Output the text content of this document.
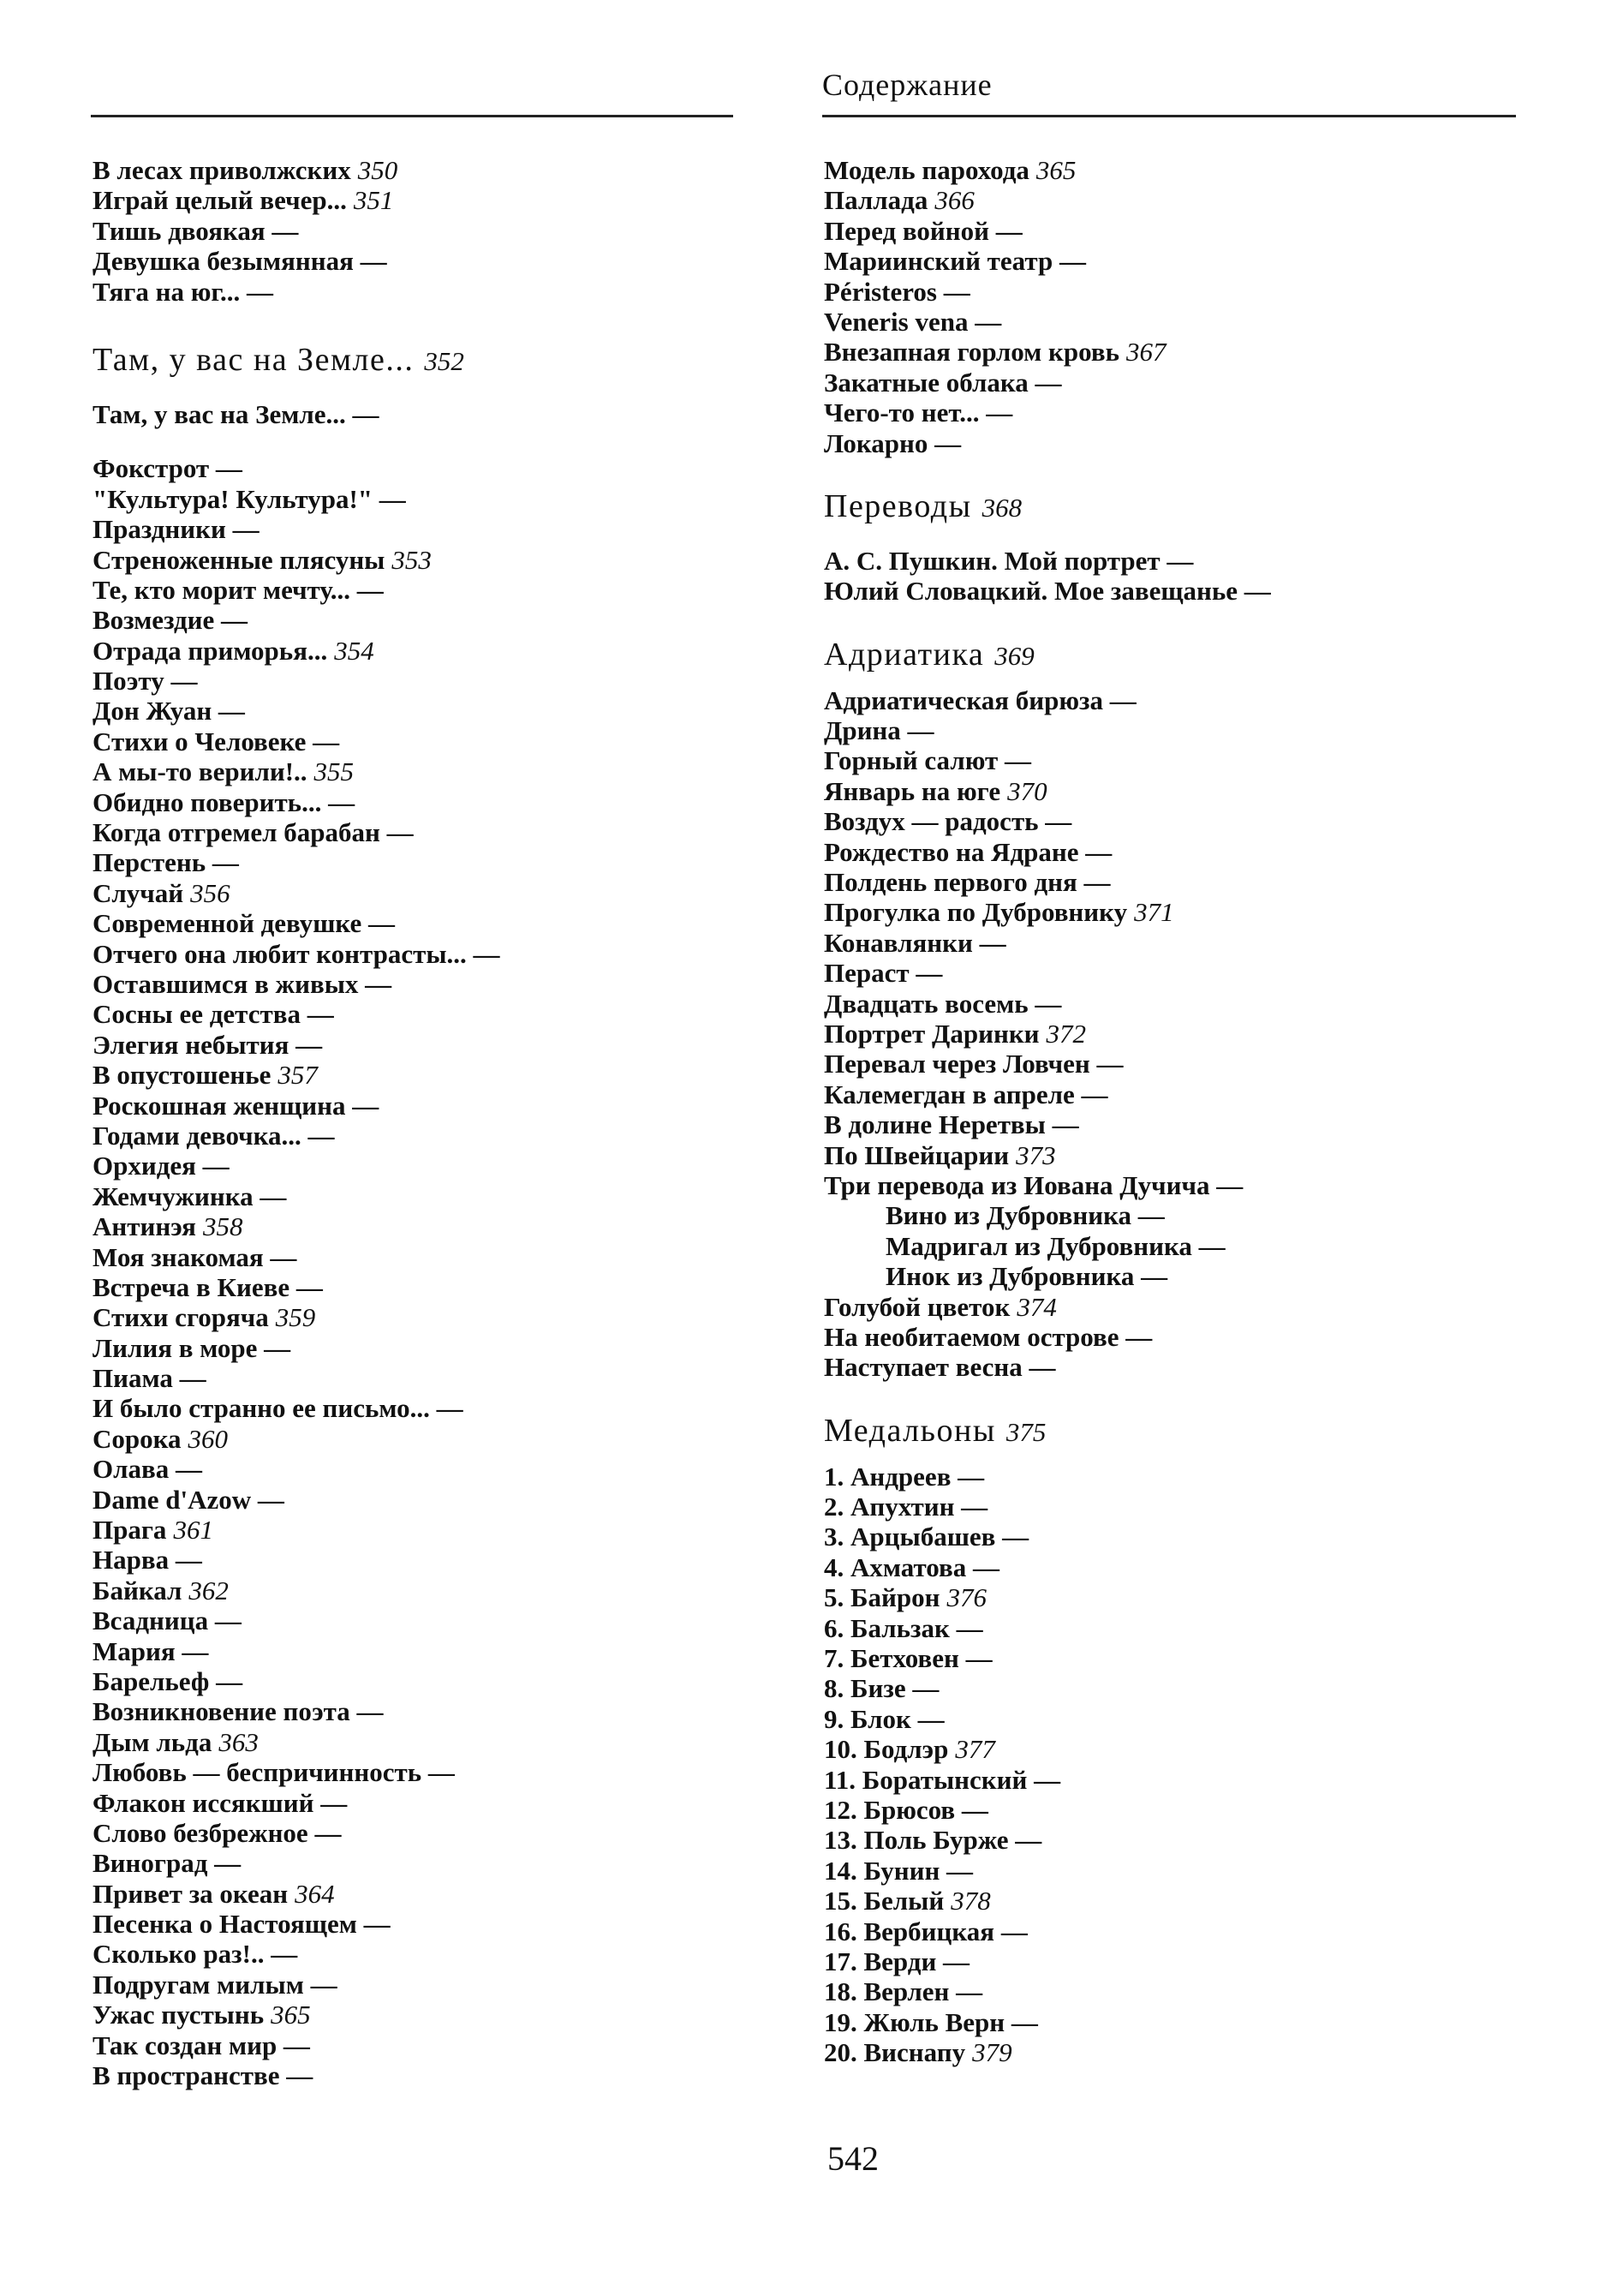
Содержание
В лесах приволжских 350
Играй целый вечер... 351
Тишь двоякая —
Девушка безымянная —
Тяга на юг... —
Там, у вас на Земле... 352
Там, у вас на Земле... —
Фокстрот —
"Культура! Культура!" —
Праздники —
Стреноженные плясуны 353
Те, кто морит мечту... —
Возмездие —
Отрада приморья... 354
Поэту —
Дон Жуан —
Стихи о Человеке —
А мы-то верили!.. 355
Обидно поверить... —
Когда отгремел барабан —
Перстень —
Случай 356
Современной девушке —
Отчего она любит контрасты... —
Оставшимся в живых —
Сосны ее детства —
Элегия небытия —
В опустошенье 357
Роскошная женщина —
Годами девочка... —
Орхидея —
Жемчужинка —
Антинэя 358
Моя знакомая —
Встреча в Киеве —
Стихи сгоряча 359
Лилия в море —
Пиама —
И было странно ее письмо... —
Сорока 360
Олава —
Dame d'Azow —
Прага 361
Нарва —
Байкал 362
Всадница —
Мария —
Барельеф —
Возникновение поэта —
Дым льда 363
Любовь — беспричинность —
Флакон иссякший —
Слово безбрежное —
Виноград —
Привет за океан 364
Песенка о Настоящем —
Сколько раз!.. —
Подругам милым —
Ужас пустынь 365
Так создан мир —
В пространстве —
Модель парохода 365
Паллада 366
Перед войной —
Мариинский театр —
Péristeros —
Veneris vena —
Внезапная горлом кровь 367
Закатные облака —
Чего-то нет... —
Локарно —
Переводы 368
А. С. Пушкин. Мой портрет —
Юлий Словацкий. Мое завещанье —
Адриатика 369
Адриатическая бирюза —
Дрина —
Горный салют —
Январь на юге 370
Воздух — радость —
Рождество на Ядране —
Полдень первого дня —
Прогулка по Дубровнику 371
Конавлянки —
Пераст —
Двадцать восемь —
Портрет Даринки 372
Перевал через Ловчен —
Калемегдан в апреле —
В долине Неретвы —
По Швейцарии 373
Три перевода из Иована Дучича —
Вино из Дубровника —
Мадригал из Дубровника —
Инок из Дубровника —
Голубой цветок 374
На необитаемом острове —
Наступает весна —
Медальоны 375
1. Андреев —
2. Апухтин —
3. Арцыбашев —
4. Ахматова —
5. Байрон 376
6. Бальзак —
7. Бетховен —
8. Бизе —
9. Блок —
10. Бодлэр 377
11. Боратынский —
12. Брюсов —
13. Поль Бурже —
14. Бунин —
15. Белый 378
16. Вербицкая —
17. Верди —
18. Верлен —
19. Жюль Верн —
20. Виснапу 379
542
